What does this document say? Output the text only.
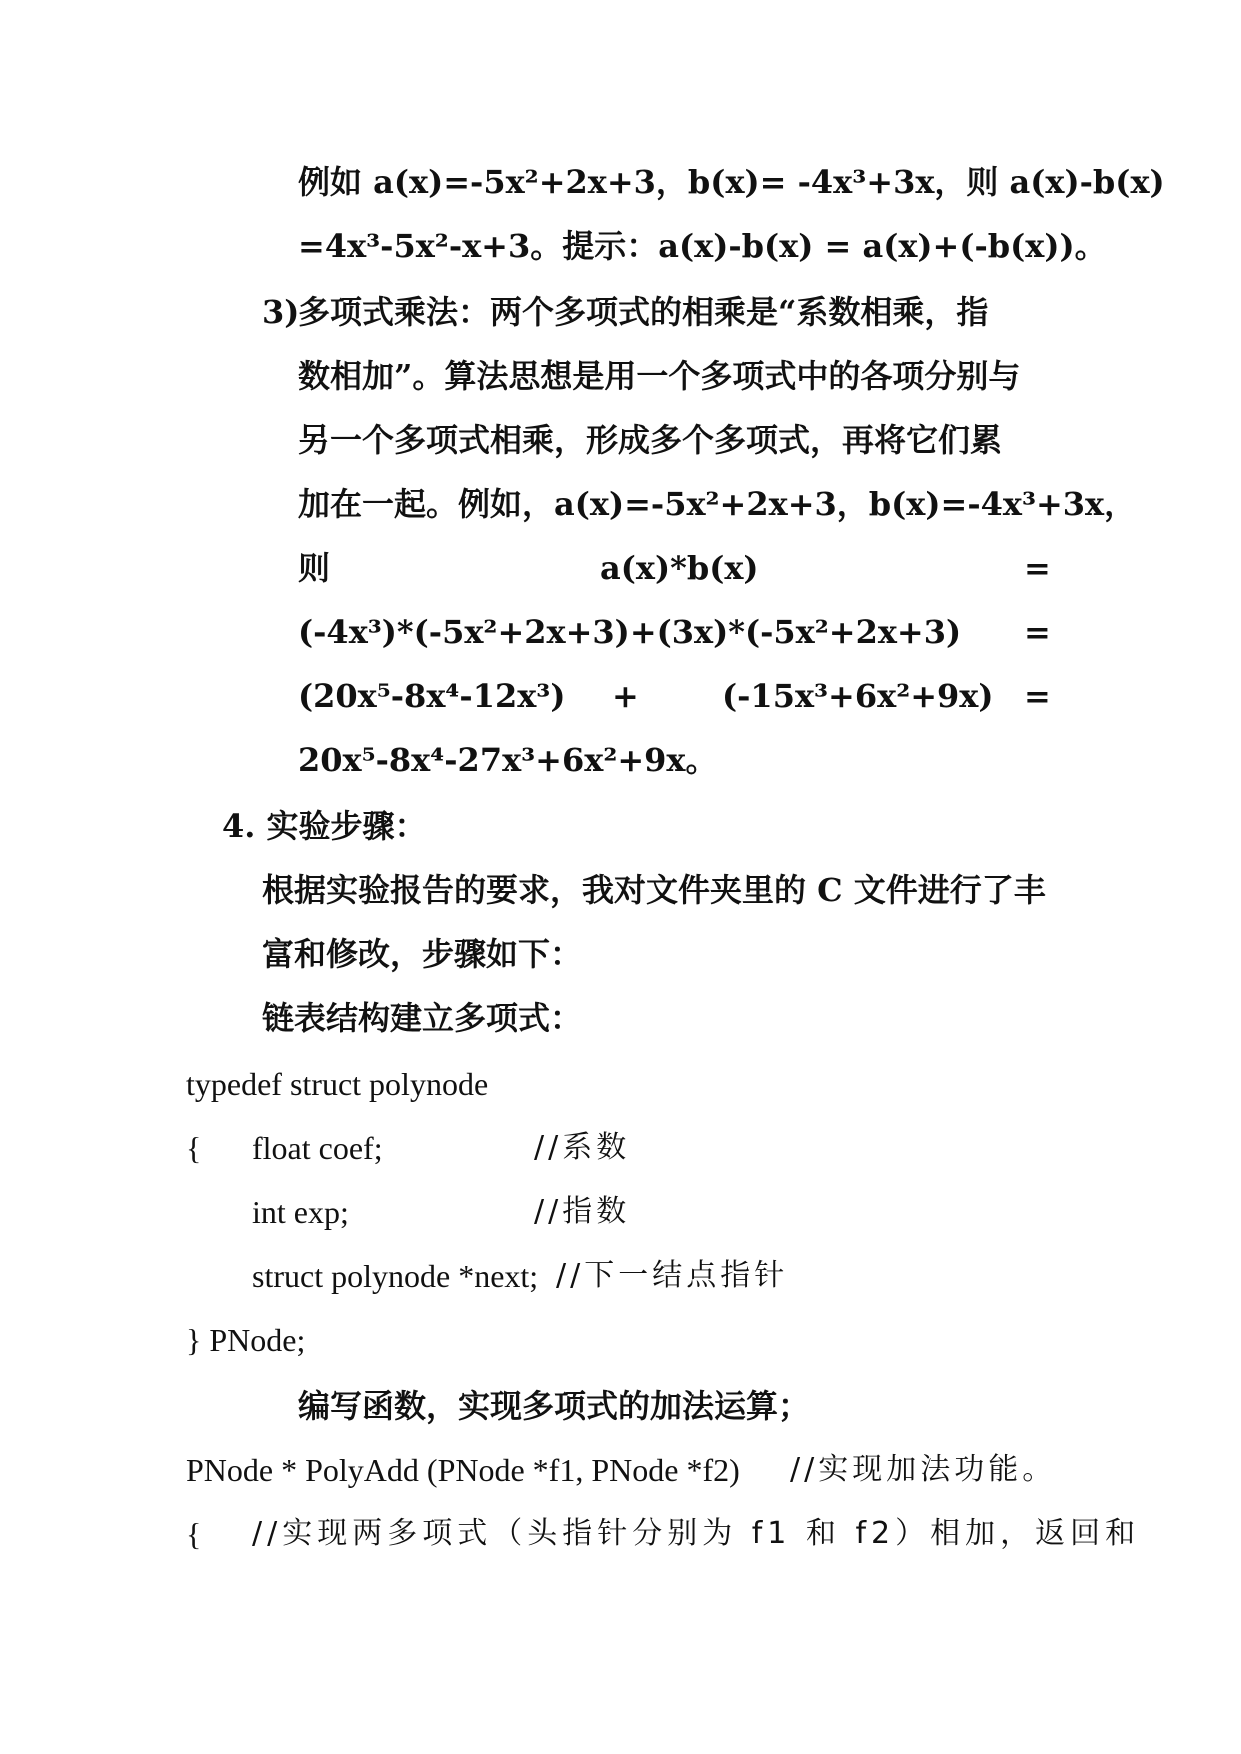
例如 a(x)=-5x²+2x+3，b(x)= -4x³+3x，则 a(x)-b(x)
=4x³-5x²-x+3。提示：a(x)-b(x) = a(x)+(-b(x))。
3)
多项式乘法：两个多项式的相乘是“系数相乘，指
数相加”。算法思想是用一个多项式中的各项分别与
另一个多项式相乘，形成多个多项式，再将它们累
加在一起。例如，a(x)=-5x²+2x+3，b(x)=-4x³+3x，
则	a(x)*b(x)	=
(-4x³)*(-5x²+2x+3)+(3x)*(-5x²+2x+3) =
(20x⁵-8x⁴-12x³) +	(-15x³+6x²+9x) =
20x⁵-8x⁴-27x³+6x²+9x。
4. 实验步骤：
根据实验报告的要求，我对文件夹里的 C 文件进行了丰
富和修改，步骤如下：
链表结构建立多项式：
typedef struct polynode
{ float coef;	//系数
int exp;	//指数
struct polynode *next; //下一结点指针
} PNode;
编写函数，实现多项式的加法运算；
PNode * PolyAdd (PNode *f1, PNode *f2) //实现加法功能。
{ //实现两多项式（头指针分别为 f1 和 f2）相加，返回和
